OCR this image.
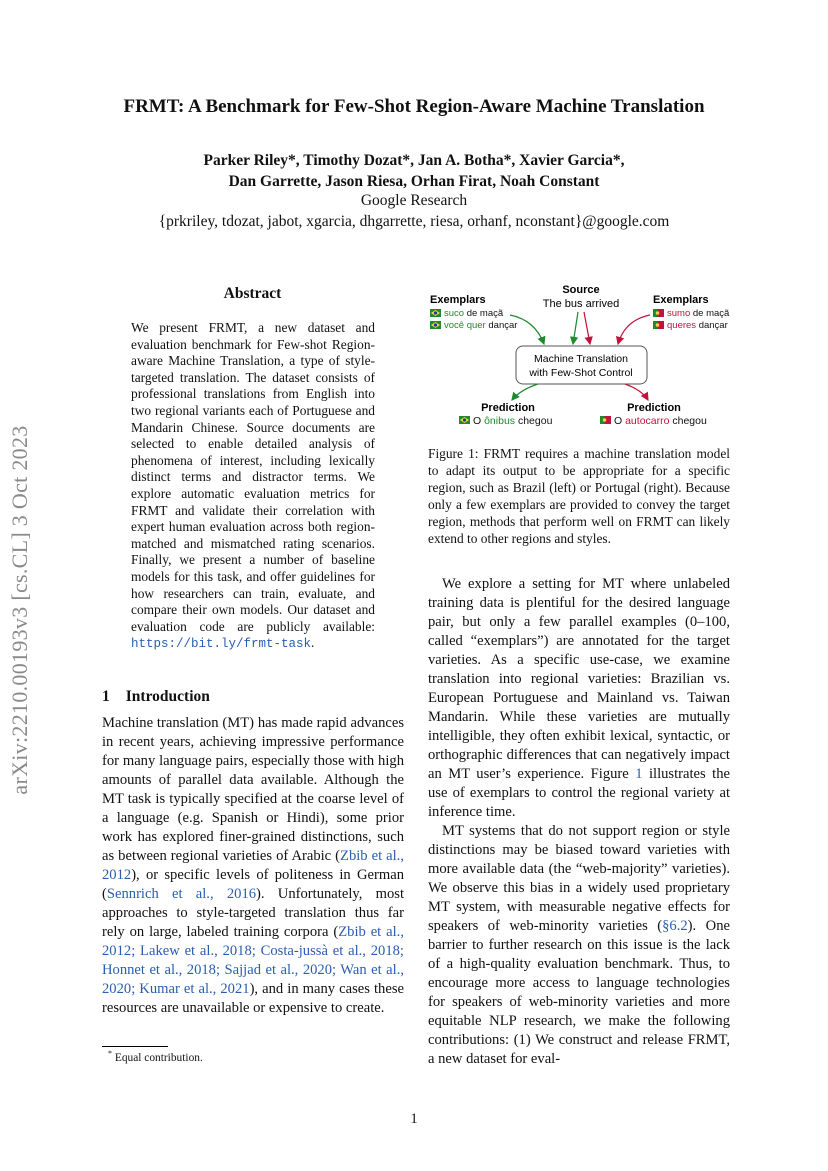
arXiv:2210.00193v3 [cs.CL] 3 Oct 2023
FRMT: A Benchmark for Few-Shot Region-Aware Machine Translation
Parker Riley*, Timothy Dozat*, Jan A. Botha*, Xavier Garcia*,
Dan Garrette, Jason Riesa, Orhan Firat, Noah Constant
Google Research
{prkriley, tdozat, jabot, xgarcia, dhgarrette, riesa, orhanf, nconstant}@google.com
Abstract
We present FRMT, a new dataset and evaluation benchmark for Few-shot Region-aware Machine Translation, a type of style-targeted translation. The dataset consists of professional translations from English into two regional variants each of Portuguese and Mandarin Chinese. Source documents are selected to enable detailed analysis of phenomena of interest, including lexically distinct terms and distractor terms. We explore automatic evaluation metrics for FRMT and validate their correlation with expert human evaluation across both region-matched and mismatched rating scenarios. Finally, we present a number of baseline models for this task, and offer guidelines for how researchers can train, evaluate, and compare their own models. Our dataset and evaluation code are publicly available: https://bit.ly/frmt-task.
1 Introduction
Machine translation (MT) has made rapid advances in recent years, achieving impressive performance for many language pairs, especially those with high amounts of parallel data available. Although the MT task is typically specified at the coarse level of a language (e.g. Spanish or Hindi), some prior work has explored finer-grained distinctions, such as between regional varieties of Arabic (Zbib et al., 2012), or specific levels of politeness in German (Sennrich et al., 2016). Unfortunately, most approaches to style-targeted translation thus far rely on large, labeled training corpora (Zbib et al., 2012; Lakew et al., 2018; Costa-jussà et al., 2018; Honnet et al., 2018; Sajjad et al., 2020; Wan et al., 2020; Kumar et al., 2021), and in many cases these resources are unavailable or expensive to create.
* Equal contribution.
Source
The bus arrived
Exemplars
suco de maçã
você quer dançar
Exemplars
sumo de maçã
queres dançar
Machine Translation
with Few-Shot Control
Prediction
O ônibus chegou
Prediction
O autocarro chegou
Figure 1: FRMT requires a machine translation model to adapt its output to be appropriate for a specific region, such as Brazil (left) or Portugal (right). Because only a few exemplars are provided to convey the target region, methods that perform well on FRMT can likely extend to other regions and styles.
We explore a setting for MT where unlabeled training data is plentiful for the desired language pair, but only a few parallel examples (0–100, called “exemplars”) are annotated for the target varieties. As a specific use-case, we examine translation into regional varieties: Brazilian vs. European Portuguese and Mainland vs. Taiwan Mandarin. While these varieties are mutually intelligible, they often exhibit lexical, syntactic, or orthographic differences that can negatively impact an MT user’s experience. Figure 1 illustrates the use of exemplars to control the regional variety at inference time.
MT systems that do not support region or style distinctions may be biased toward varieties with more available data (the “web-majority” varieties). We observe this bias in a widely used proprietary MT system, with measurable negative effects for speakers of web-minority varieties (§6.2). One barrier to further research on this issue is the lack of a high-quality evaluation benchmark. Thus, to encourage more access to language technologies for speakers of web-minority varieties and more equitable NLP research, we make the following contributions: (1) We construct and release FRMT, a new dataset for eval-
1
